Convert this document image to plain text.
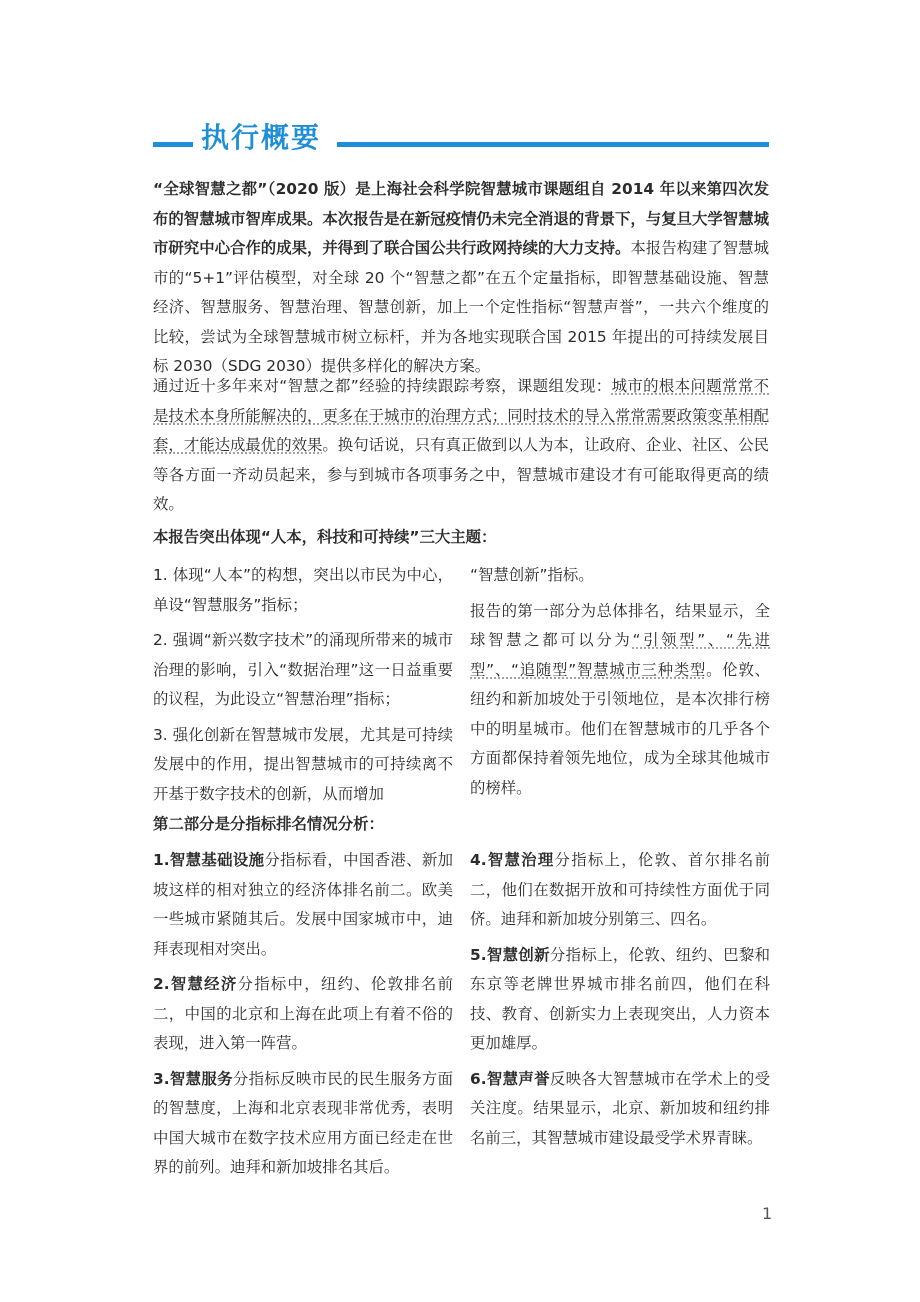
执行概要
“全球智慧之都”（2020 版）是上海社会科学院智慧城市课题组自 2014 年以来第四次发布的智慧城市智库成果。本次报告是在新冠疫情仍未完全消退的背景下，与复旦大学智慧城市研究中心合作的成果，并得到了联合国公共行政网持续的大力支持。本报告构建了智慧城市的“5+1”评估模型，对全球 20 个“智慧之都”在五个定量指标，即智慧基础设施、智慧经济、智慧服务、智慧治理、智慧创新，加上一个定性指标“智慧声誉”，一共六个维度的比较，尝试为全球智慧城市树立标杆，并为各地实现联合国 2015 年提出的可持续发展目标 2030（SDG 2030）提供多样化的解决方案。
通过近十多年来对“智慧之都”经验的持续跟踪考察，课题组发现：城市的根本问题常常不是技术本身所能解决的，更多在于城市的治理方式；同时技术的导入常常需要政策变革相配套，才能达成最优的效果。换句话说，只有真正做到以人为本，让政府、企业、社区、公民等各方面一齐动员起来，参与到城市各项事务之中，智慧城市建设才有可能取得更高的绩效。
本报告突出体现“人本，科技和可持续”三大主题：

1. 体现“人本”的构想，突出以市民为中心，单设“智慧服务”指标；

2. 强调“新兴数字技术”的涌现所带来的城市治理的影响，引入“数据治理”这一日益重要的议程，为此设立“智慧治理”指标；

3. 强化创新在智慧城市发展，尤其是可持续发展中的作用，提出智慧城市的可持续离不开基于数字技术的创新，从而增加

“智慧创新”指标。

报告的第一部分为总体排名，结果显示，全球智慧之都可以分为“引领型”、“先进型”、“追随型”智慧城市三种类型。伦敦、纽约和新加坡处于引领地位，是本次排行榜中的明星城市。他们在智慧城市的几乎各个方面都保持着领先地位，成为全球其他城市的榜样。

第二部分是分指标排名情况分析：

1.智慧基础设施分指标看，中国香港、新加坡这样的相对独立的经济体排名前二。欧美一些城市紧随其后。发展中国家城市中，迪拜表现相对突出。

2.智慧经济分指标中，纽约、伦敦排名前二，中国的北京和上海在此项上有着不俗的表现，进入第一阵营。

3.智慧服务分指标反映市民的民生服务方面的智慧度，上海和北京表现非常优秀，表明中国大城市在数字技术应用方面已经走在世界的前列。迪拜和新加坡排名其后。

4.智慧治理分指标上，伦敦、首尔排名前二，他们在数据开放和可持续性方面优于同侪。迪拜和新加坡分别第三、四名。

5.智慧创新分指标上，伦敦、纽约、巴黎和东京等老牌世界城市排名前四，他们在科技、教育、创新实力上表现突出，人力资本更加雄厚。

6.智慧声誉反映各大智慧城市在学术上的受关注度。结果显示，北京、新加坡和纽约排名前三，其智慧城市建设最受学术界青睐。

1
